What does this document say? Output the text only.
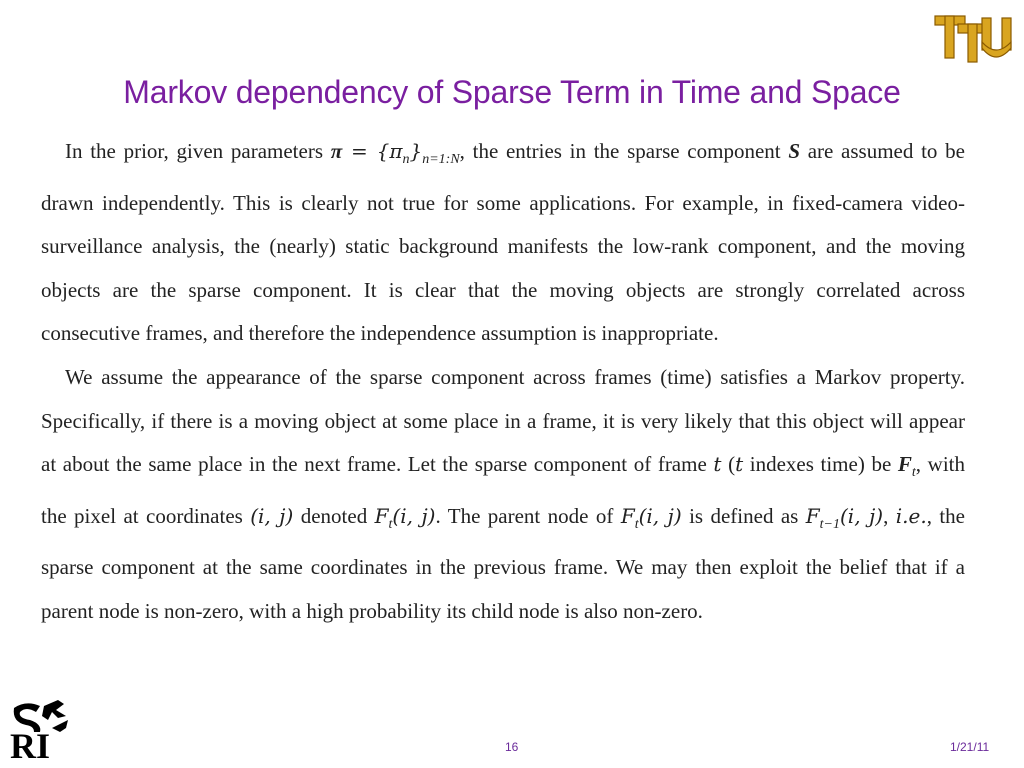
Markov dependency of Sparse Term in Time and Space

In the prior, given parameters $\pi = \{\pi_n\}_{n=1:N}$, the entries in the sparse component S are assumed to be drawn independently. This is clearly not true for some applications. For example, in fixed-camera video-surveillance analysis, the (nearly) static background manifests the low-rank component, and the moving objects are the sparse component. It is clear that the moving objects are strongly correlated across consecutive frames, and therefore the independence assumption is inappropriate.

We assume the appearance of the sparse component across frames (time) satisfies a Markov property. Specifically, if there is a moving object at some place in a frame, it is very likely that this object will appear at about the same place in the next frame. Let the sparse component of frame t (t indexes time) be $F_t$, with the pixel at coordinates (i, j) denoted $F_t(i$, j). The parent node of $F_t(i$, j) is defined as $F_{t-1}(i$, j), i.e., the sparse component at the same coordinates in the previous frame. We may then exploit the belief that if a parent node is non-zero, with a high probability its child node is also non-zero.

RI	16	1/21/11
